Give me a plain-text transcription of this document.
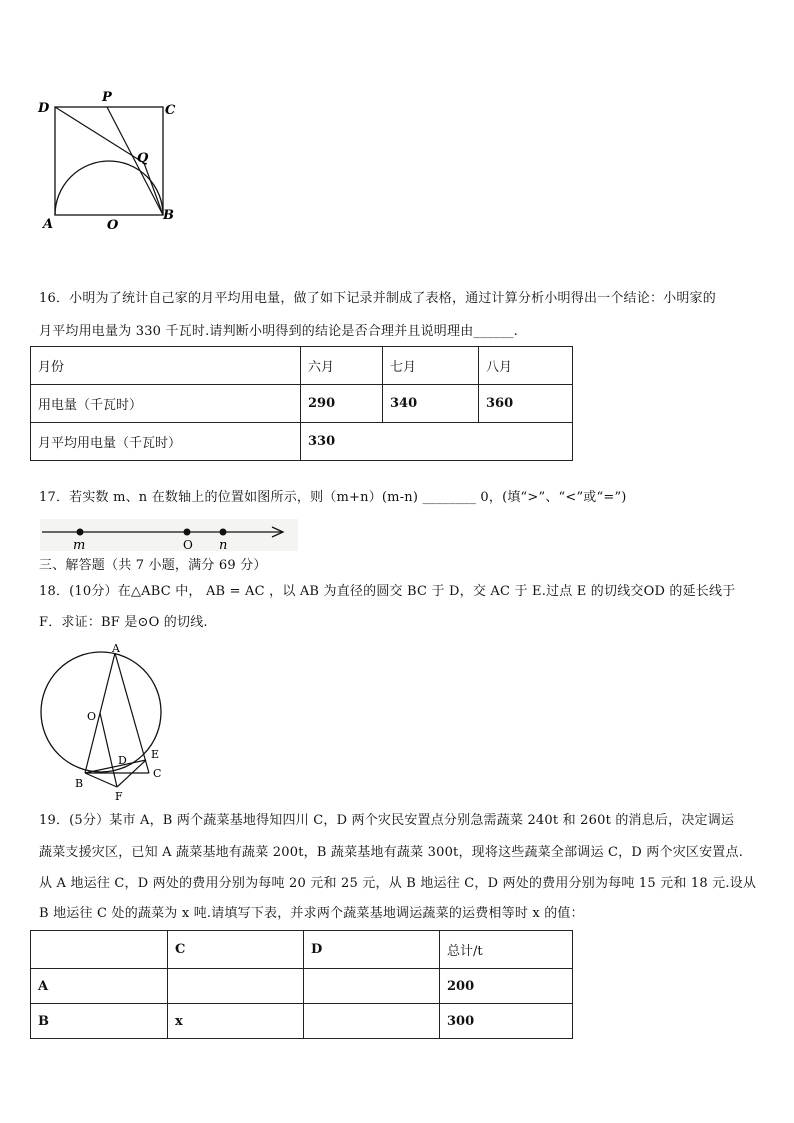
D
P
C
Q
A	O
B
16．小明为了统计自己家的月平均用电量，做了如下记录并制成了表格，通过计算分析小明得出一个结论：小明家的
月平均用电量为 330 千瓦时.请判断小明得到的结论是否合理并且说明理由______.
月份	六月	七月	八月
用电量（千瓦时）	290	340	360
月平均用电量（千瓦时）	330		
17．若实数 m、n 在数轴上的位置如图所示，则（m+n）(m-n) ________ 0，(填“>”、“<”或“=”)
m	O n
三、解答题（共 7 小题，满分 69 分）
18．(10分）在△ABC 中， AB = AC ，以 AB 为直径的圆交 BC 于 D，交 AC 于 E.过点 E 的切线交OD 的延长线于
F．求证：BF 是⊙O 的切线.
A
O
D E
B
C
F
19．(5分）某市 A，B 两个蔬菜基地得知四川 C，D 两个灾民安置点分别急需蔬菜 240t 和 260t 的消息后，决定调运
蔬菜支援灾区，已知 A 蔬菜基地有蔬菜 200t，B 蔬菜基地有蔬菜 300t，现将这些蔬菜全部调运 C，D 两个灾区安置点.
从 A 地运往 C，D 两处的费用分别为每吨 20 元和 25 元，从 B 地运往 C，D 两处的费用分别为每吨 15 元和 18 元.设从
B 地运往 C 处的蔬菜为 x 吨.请填写下表，并求两个蔬菜基地调运蔬菜的运费相等时 x 的值：
	C	D	总计/t
A			200
B	x		300
